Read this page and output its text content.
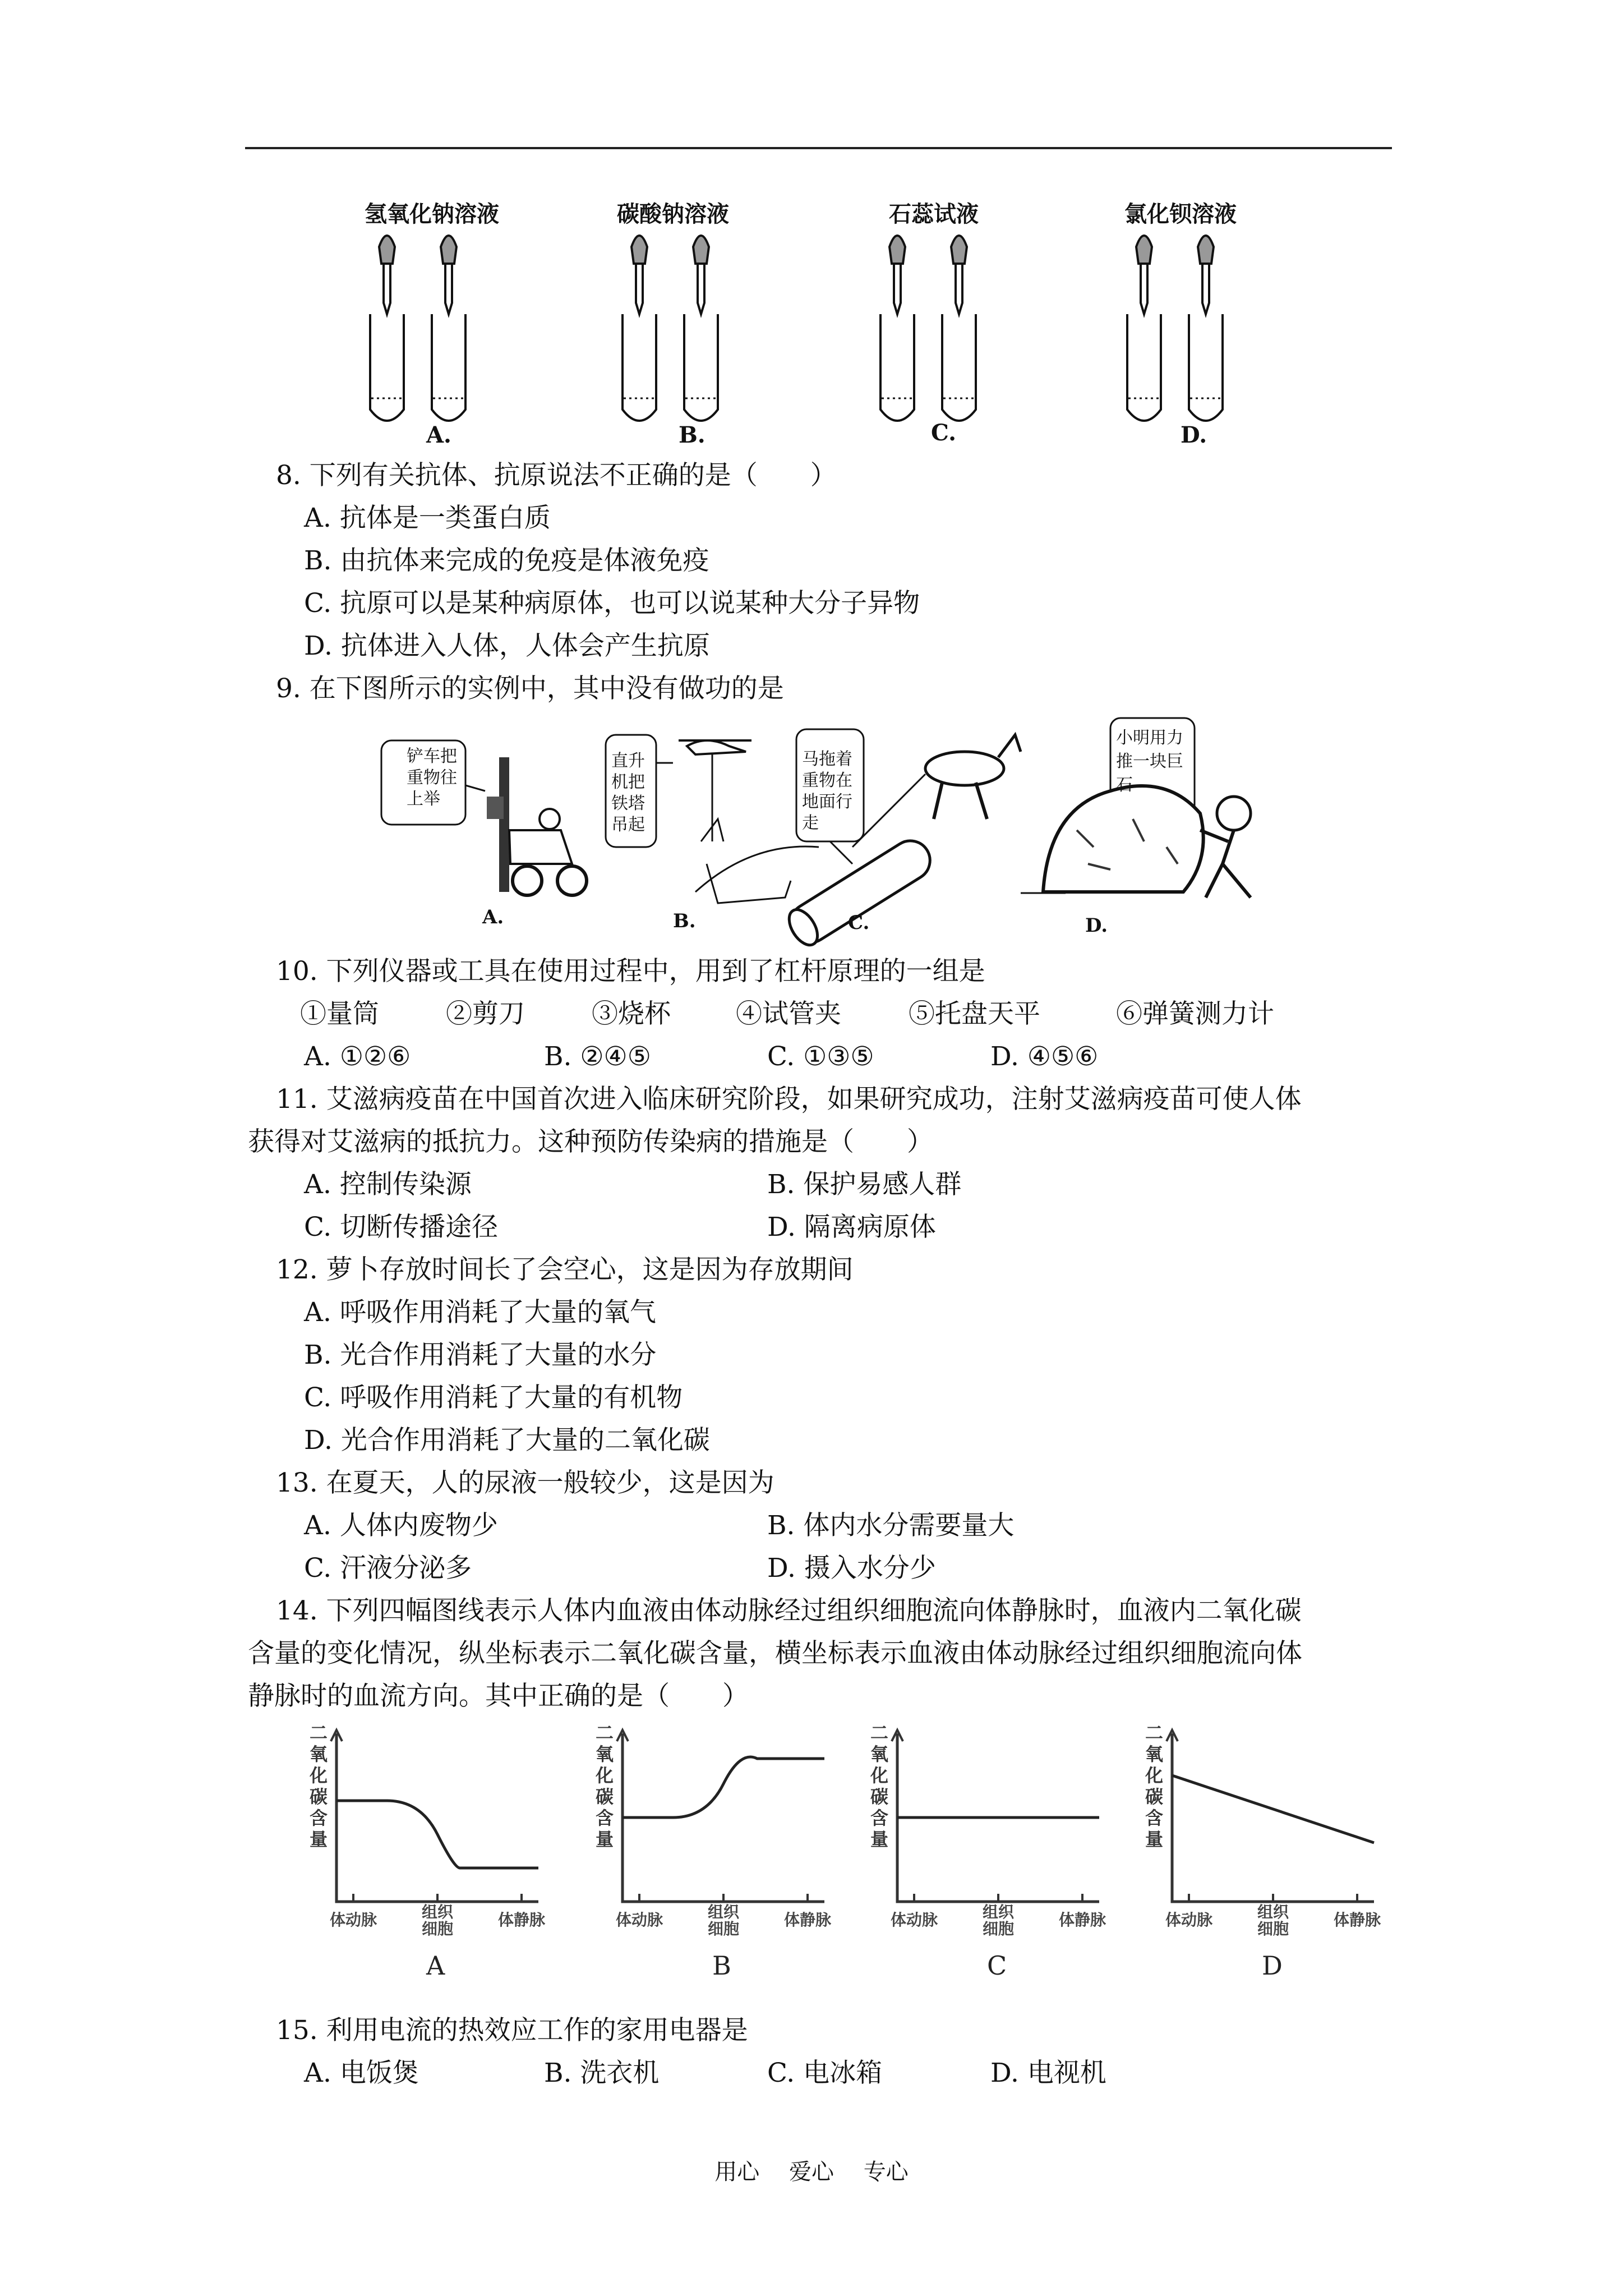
氢氧化钠溶液	碳酸钠溶液	石蕊试液	氯化钡溶液
A.	B.	C.	D.
8. 下列有关抗体、抗原说法不正确的是（　　）
A. 抗体是一类蛋白质
B. 由抗体来完成的免疫是体液免疫
C. 抗原可以是某种病原体，也可以说某种大分子异物
D. 抗体进入人体，人体会产生抗原
9. 在下图所示的实例中，其中没有做功的是
铲车把重物往上举
直升机把铁塔吊起
马拖着重物在地面行走
小明用力推一块巨石
A.	B.	C.	D.
10. 下列仪器或工具在使用过程中，用到了杠杆原理的一组是
①量筒	②剪刀	③烧杯 ④试管夹	⑤托盘天平	⑥弹簧测力计
A. ①②⑥	B. ②④⑤	C. ①③⑤	D. ④⑤⑥
11. 艾滋病疫苗在中国首次进入临床研究阶段，如果研究成功，注射艾滋病疫苗可使人体
获得对艾滋病的抵抗力。这种预防传染病的措施是（　　）
A. 控制传染源	B. 保护易感人群
C. 切断传播途径	D. 隔离病原体
12. 萝卜存放时间长了会空心，这是因为存放期间
A. 呼吸作用消耗了大量的氧气
B. 光合作用消耗了大量的水分
C. 呼吸作用消耗了大量的有机物
D. 光合作用消耗了大量的二氧化碳
13. 在夏天，人的尿液一般较少，这是因为
A. 人体内废物少	B. 体内水分需要量大
C. 汗液分泌多	D. 摄入水分少
14. 下列四幅图线表示人体内血液由体动脉经过组织细胞流向体静脉时，血液内二氧化碳
含量的变化情况，纵坐标表示二氧化碳含量，横坐标表示血液由体动脉经过组织细胞流向体
静脉时的血流方向。其中正确的是（　　）
二
氧
化
碳
含
量
体动脉	组织细胞	体静脉
A
二
氧
化
碳
含
量
体动脉	组织细胞	体静脉
B
二
氧
化
碳
含
量
体动脉	组织细胞	体静脉
C
二
氧
化
碳
含
量
体动脉	组织细胞	体静脉
D
15. 利用电流的热效应工作的家用电器是
A. 电饭煲	B. 洗衣机	C. 电冰箱	D. 电视机
用心 爱心 专心
